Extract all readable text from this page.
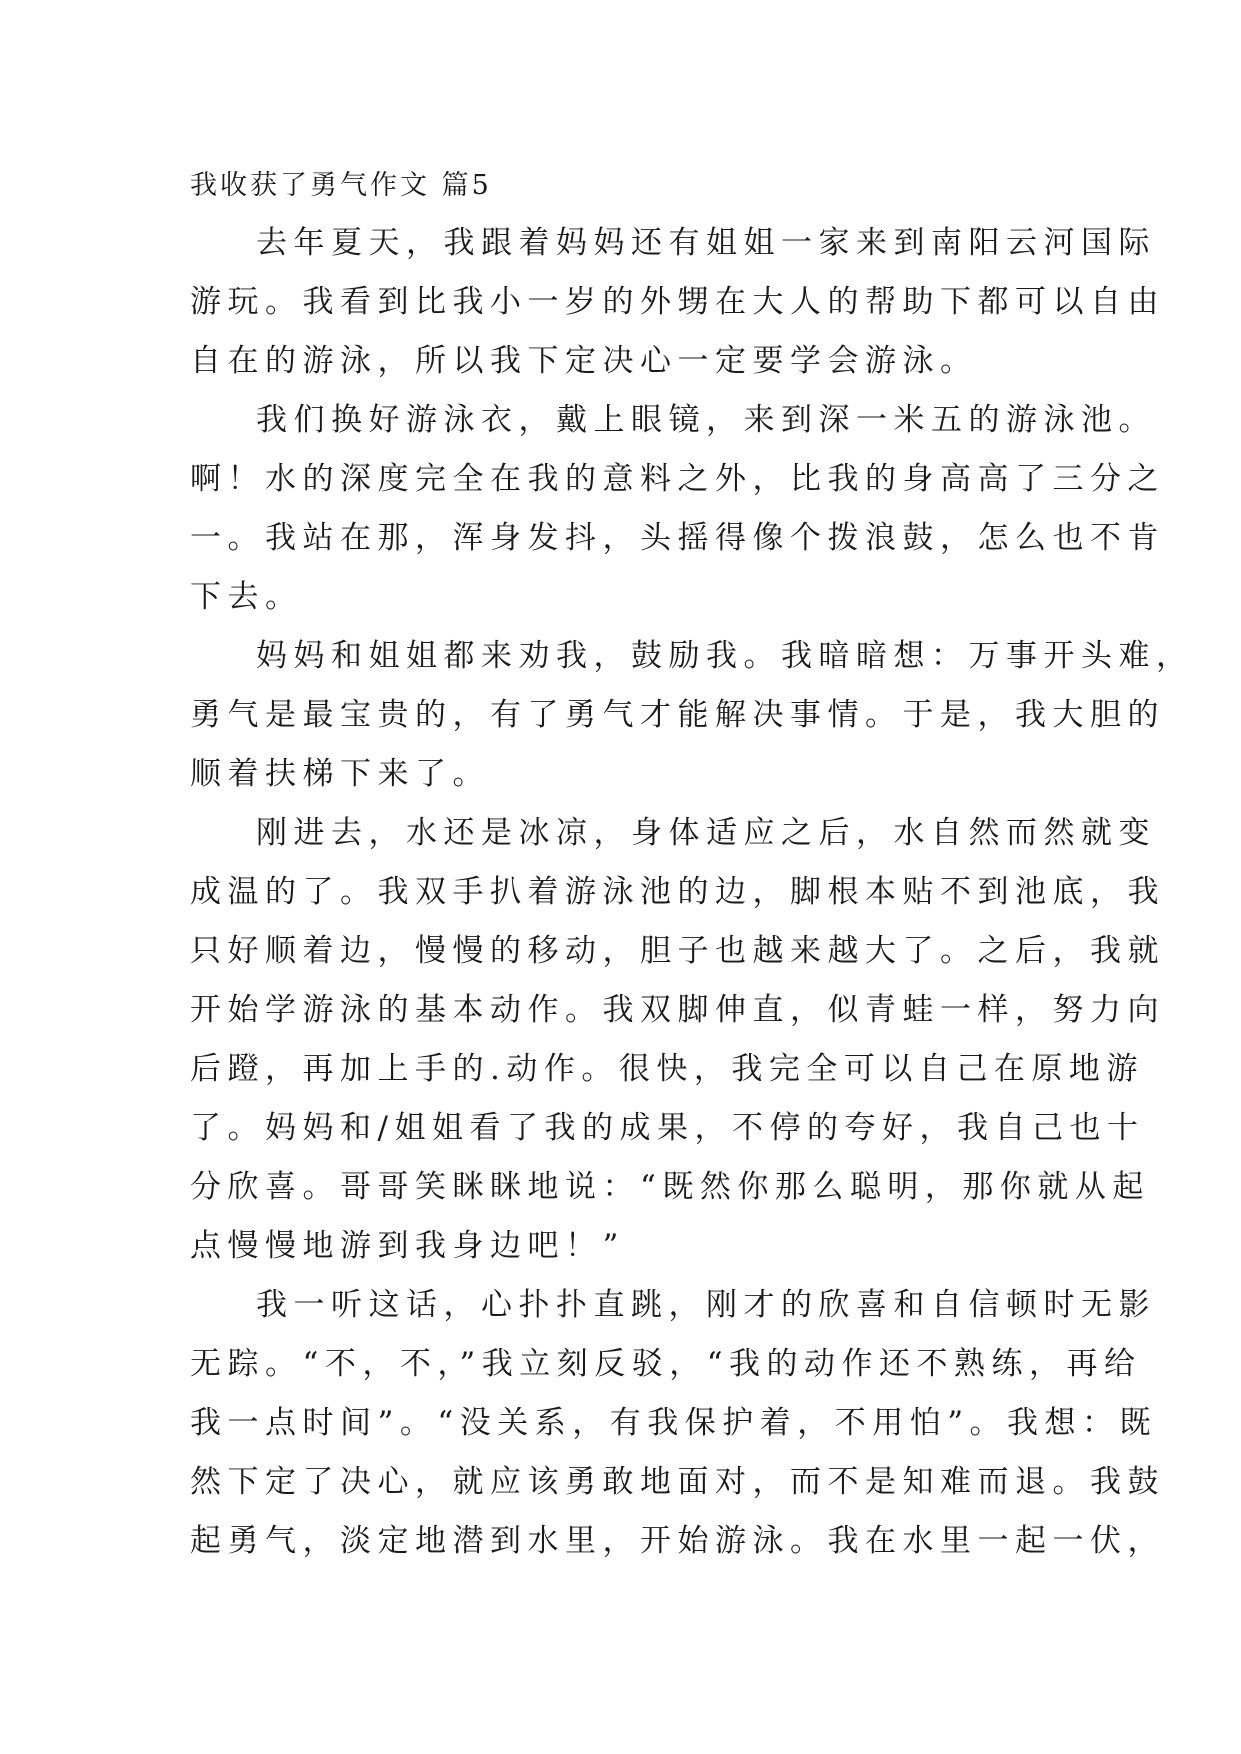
我收获了勇气作文 篇5
去年夏天，我跟着妈妈还有姐姐一家来到南阳云河国际
游玩。我看到比我小一岁的外甥在大人的帮助下都可以自由
自在的游泳，所以我下定决心一定要学会游泳。
我们换好游泳衣，戴上眼镜，来到深一米五的游泳池。
啊！水的深度完全在我的意料之外，比我的身高高了三分之
一。我站在那，浑身发抖，头摇得像个拨浪鼓，怎么也不肯
下去。
妈妈和姐姐都来劝我，鼓励我。我暗暗想：万事开头难，
勇气是最宝贵的，有了勇气才能解决事情。于是，我大胆的
顺着扶梯下来了。
刚进去，水还是冰凉，身体适应之后，水自然而然就变
成温的了。我双手扒着游泳池的边，脚根本贴不到池底，我
只好顺着边，慢慢的移动，胆子也越来越大了。之后，我就
开始学游泳的基本动作。我双脚伸直，似青蛙一样，努力向
后蹬，再加上手的.动作。很快，我完全可以自己在原地游
了。妈妈和/姐姐看了我的成果，不停的夸好，我自己也十
分欣喜。哥哥笑眯眯地说：“既然你那么聪明，那你就从起
点慢慢地游到我身边吧！”
我一听这话，心扑扑直跳，刚才的欣喜和自信顿时无影
无踪。“不，不，”我立刻反驳，“我的动作还不熟练，再给
我一点时间”。“没关系，有我保护着，不用怕”。我想：既
然下定了决心，就应该勇敢地面对，而不是知难而退。我鼓
起勇气，淡定地潜到水里，开始游泳。我在水里一起一伏，
